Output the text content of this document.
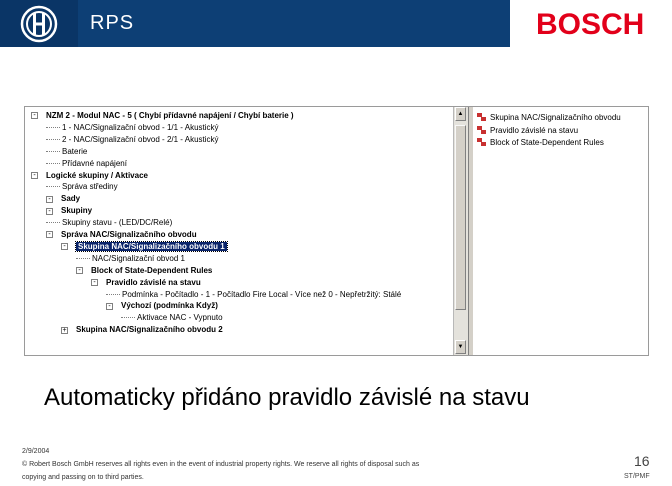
RPS	BOSCH
- NZM 2 - Modul NAC - 5 ( Chybí přídavné napájení / Chybí baterie )
1 - NAC/Signalizační obvod - 1/1 - Akustický
2 - NAC/Signalizační obvod - 2/1 - Akustický
Baterie
Přídavné napájení
- Logické skupiny / Aktivace
Správa střediny
- Sady
- Skupiny
Skupiny stavu - (LED/DC/Relé)
- Správa NAC/Signalizačního obvodu
- Skupina NAC/Signalizačního obvodu 1
NAC/Signalizační obvod 1
- Block of State-Dependent Rules
- Pravidlo závislé na stavu
Podmínka - Počítadlo - 1 - Počítadlo Fire Local - Více než 0 - Nepřetržitý: Stálé
- Výchozí (podmínka Když)
Aktivace NAC - Vypnuto
+ Skupina NAC/Signalizačního obvodu 2
▲
▼
Skupina NAC/Signalizačního obvodu
Pravidlo závislé na stavu
Block of State-Dependent Rules
Automaticky přidáno pravidlo závislé na stavu
2/9/2004
© Robert Bosch GmbH reserves all rights even in the event of industrial property rights. We reserve all rights of disposal such as
copying and passing on to third parties.
16
ST/PMF
